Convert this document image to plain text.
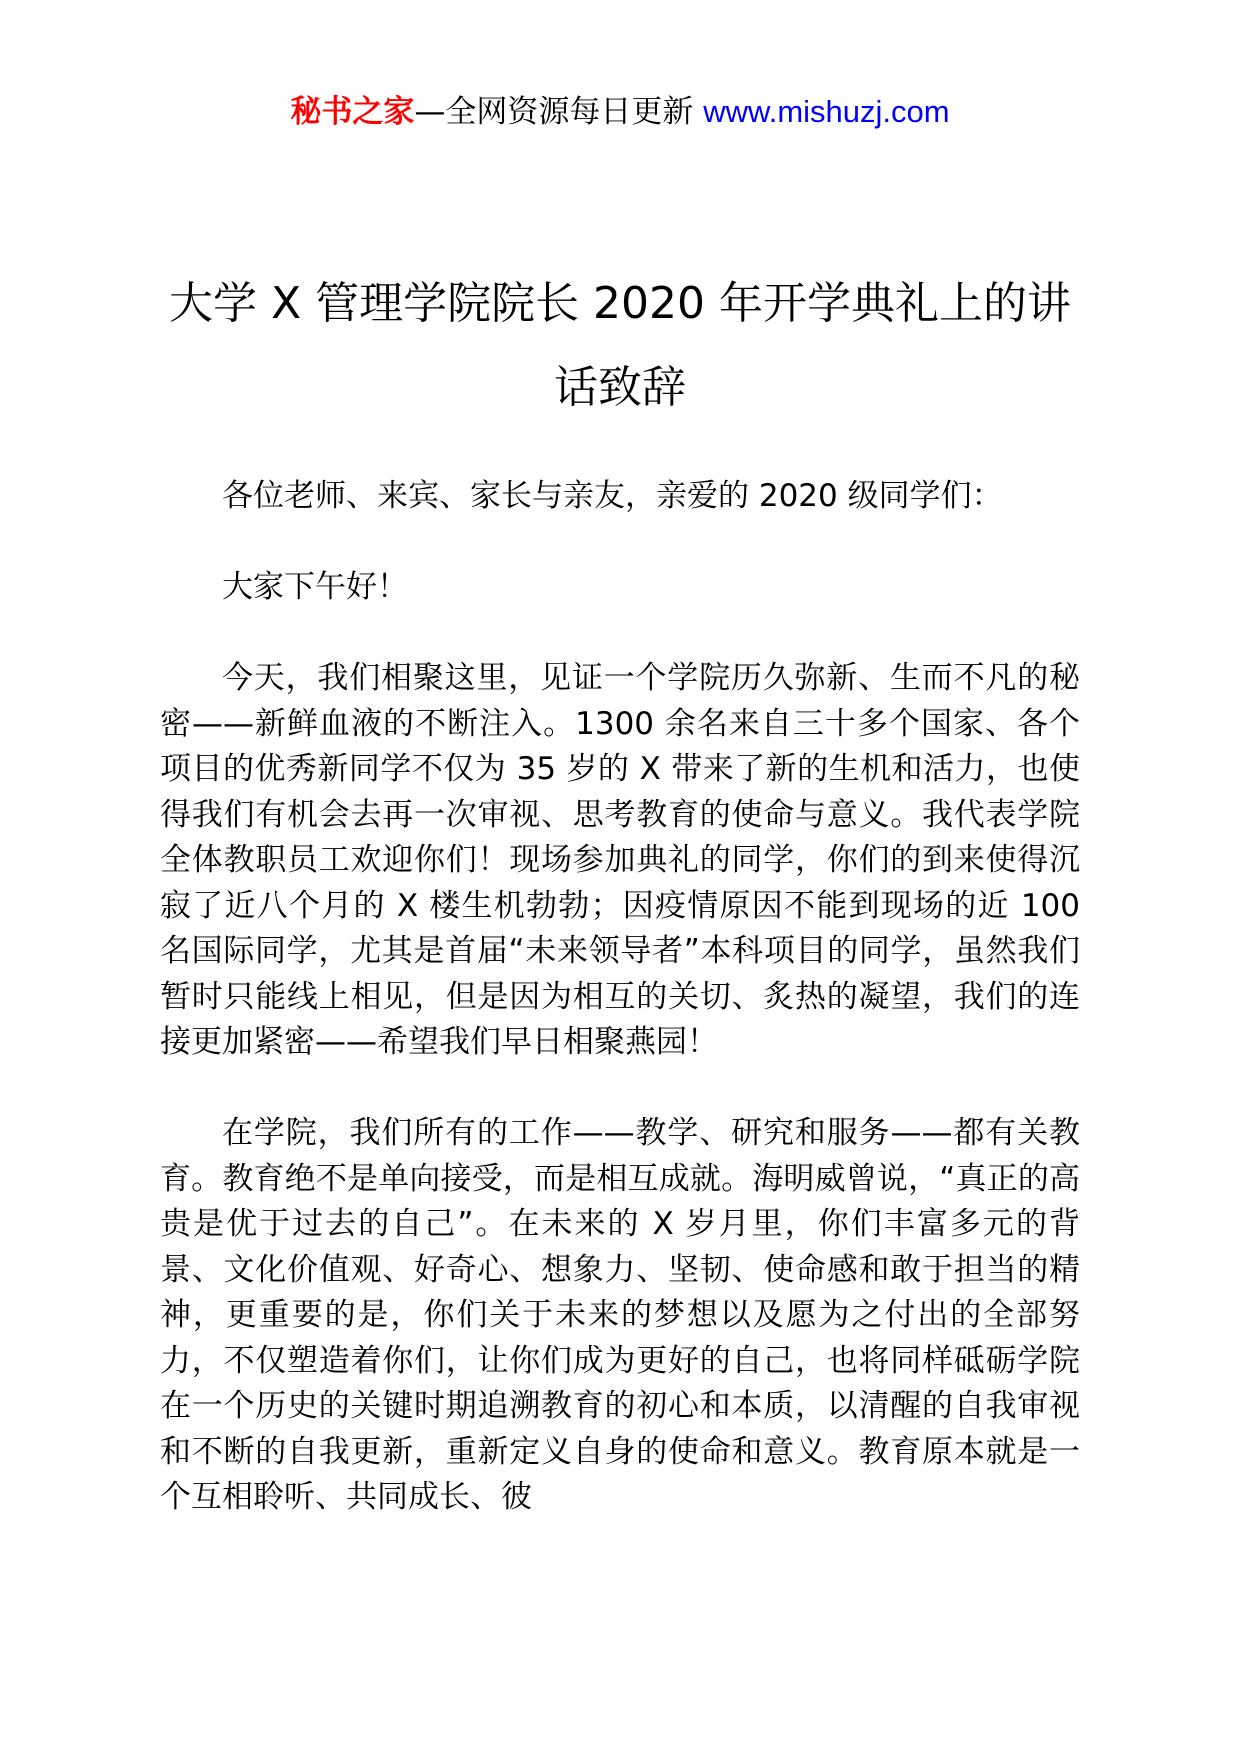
秘书之家—全网资源每日更新 www.mishuzj.com
大学 X 管理学院院长 2020 年开学典礼上的讲话致辞

各位老师、来宾、家长与亲友，亲爱的 2020 级同学们：

大家下午好！

今天，我们相聚这里，见证一个学院历久弥新、生而不凡的秘密——新鲜血液的不断注入。1300 余名来自三十多个国家、各个项目的优秀新同学不仅为 35 岁的 X 带来了新的生机和活力，也使得我们有机会去再一次审视、思考教育的使命与意义。我代表学院全体教职员工欢迎你们！现场参加典礼的同学，你们的到来使得沉寂了近八个月的 X 楼生机勃勃；因疫情原因不能到现场的近 100 名国际同学，尤其是首届“未来领导者”本科项目的同学，虽然我们暂时只能线上相见，但是因为相互的关切、炙热的凝望，我们的连接更加紧密——希望我们早日相聚燕园！

在学院，我们所有的工作——教学、研究和服务——都有关教育。教育绝不是单向接受，而是相互成就。海明威曾说，“真正的高贵是优于过去的自己”。在未来的 X 岁月里，你们丰富多元的背景、文化价值观、好奇心、想象力、坚韧、使命感和敢于担当的精神，更重要的是，你们关于未来的梦想以及愿为之付出的全部努力，不仅塑造着你们，让你们成为更好的自己，也将同样砥砺学院在一个历史的关键时期追溯教育的初心和本质，以清醒的自我审视和不断的自我更新，重新定义自身的使命和意义。教育原本就是一个互相聆听、共同成长、彼
